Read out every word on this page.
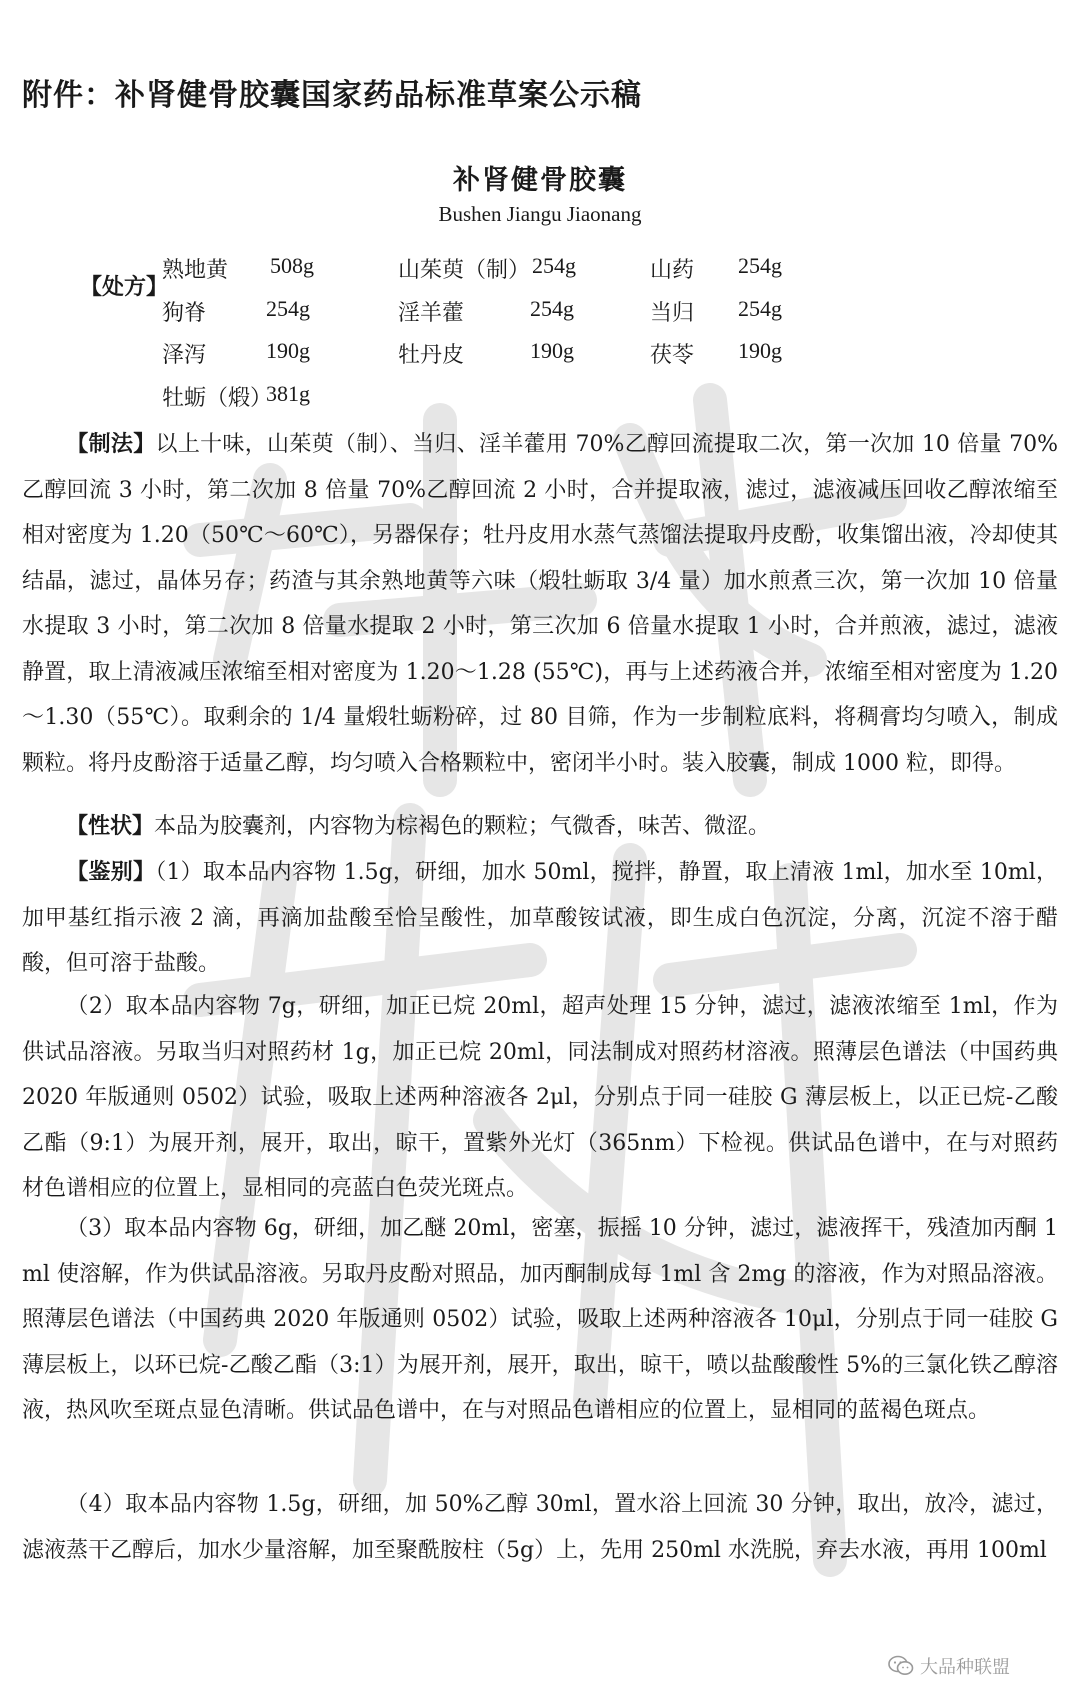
附件：补肾健骨胶囊国家药品标准草案公示稿
补肾健骨胶囊
Bushen Jiangu Jiaonang
【处方】
熟地黄 508g	山茱萸（制） 254g	山药 254g
狗脊	254g	淫羊藿	254g	当归 254g
泽泻	190g	牡丹皮	190g	茯苓 190g
牡蛎（煅）
381g
【制法】以上十味，山茱萸（制）、当归、淫羊藿用 70%乙醇回流提取二次，第一次加 10 倍量 70%乙醇回流 3 小时，第二次加 8 倍量 70%乙醇回流 2 小时，合并提取液，滤过，滤液减压回收乙醇浓缩至相对密度为 1.20（50℃～60℃），另器保存；牡丹皮用水蒸气蒸馏法提取丹皮酚，收集馏出液，冷却使其结晶，滤过，晶体另存；药渣与其余熟地黄等六味（煅牡蛎取 3/4 量）加水煎煮三次，第一次加 10 倍量水提取 3 小时，第二次加 8 倍量水提取 2 小时，第三次加 6 倍量水提取 1 小时，合并煎液，滤过，滤液静置，取上清液减压浓缩至相对密度为 1.20～1.28 (55℃)，再与上述药液合并，浓缩至相对密度为 1.20～1.30（55℃）。取剩余的 1/4 量煅牡蛎粉碎，过 80 目筛，作为一步制粒底料，将稠膏均匀喷入，制成颗粒。将丹皮酚溶于适量乙醇，均匀喷入合格颗粒中，密闭半小时。装入胶囊，制成 1000 粒，即得。
【性状】本品为胶囊剂，内容物为棕褐色的颗粒；气微香，味苦、微涩。
【鉴别】（1）取本品内容物 1.5g，研细，加水 50ml，搅拌，静置，取上清液 1ml，加水至 10ml，加甲基红指示液 2 滴，再滴加盐酸至恰呈酸性，加草酸铵试液，即生成白色沉淀，分离，沉淀不溶于醋酸，但可溶于盐酸。
（2）取本品内容物 7g，研细，加正已烷 20ml，超声处理 15 分钟，滤过，滤液浓缩至 1ml，作为供试品溶液。另取当归对照药材 1g，加正已烷 20ml，同法制成对照药材溶液。照薄层色谱法（中国药典 2020 年版通则 0502）试验，吸取上述两种溶液各 2μl，分别点于同一硅胶 G 薄层板上，以正已烷-乙酸乙酯（9:1）为展开剂，展开，取出，晾干，置紫外光灯（365nm）下检视。供试品色谱中，在与对照药材色谱相应的位置上，显相同的亮蓝白色荧光斑点。
（3）取本品内容物 6g，研细，加乙醚 20ml，密塞，振摇 10 分钟，滤过，滤液挥干，残渣加丙酮 1ml 使溶解，作为供试品溶液。另取丹皮酚对照品，加丙酮制成每 1ml 含 2mg 的溶液，作为对照品溶液。照薄层色谱法（中国药典 2020 年版通则 0502）试验，吸取上述两种溶液各 10μl，分别点于同一硅胶 G 薄层板上，以环已烷-乙酸乙酯（3:1）为展开剂，展开，取出，晾干，喷以盐酸酸性 5%的三氯化铁乙醇溶液，热风吹至斑点显色清晰。供试品色谱中，在与对照品色谱相应的位置上，显相同的蓝褐色斑点。
（4）取本品内容物 1.5g，研细，加 50%乙醇 30ml，置水浴上回流 30 分钟，取出，放冷，滤过，滤液蒸干乙醇后，加水少量溶解，加至聚酰胺柱（5g）上，先用 250ml 水洗脱，弃去水液，再用 100ml
大品种联盟
